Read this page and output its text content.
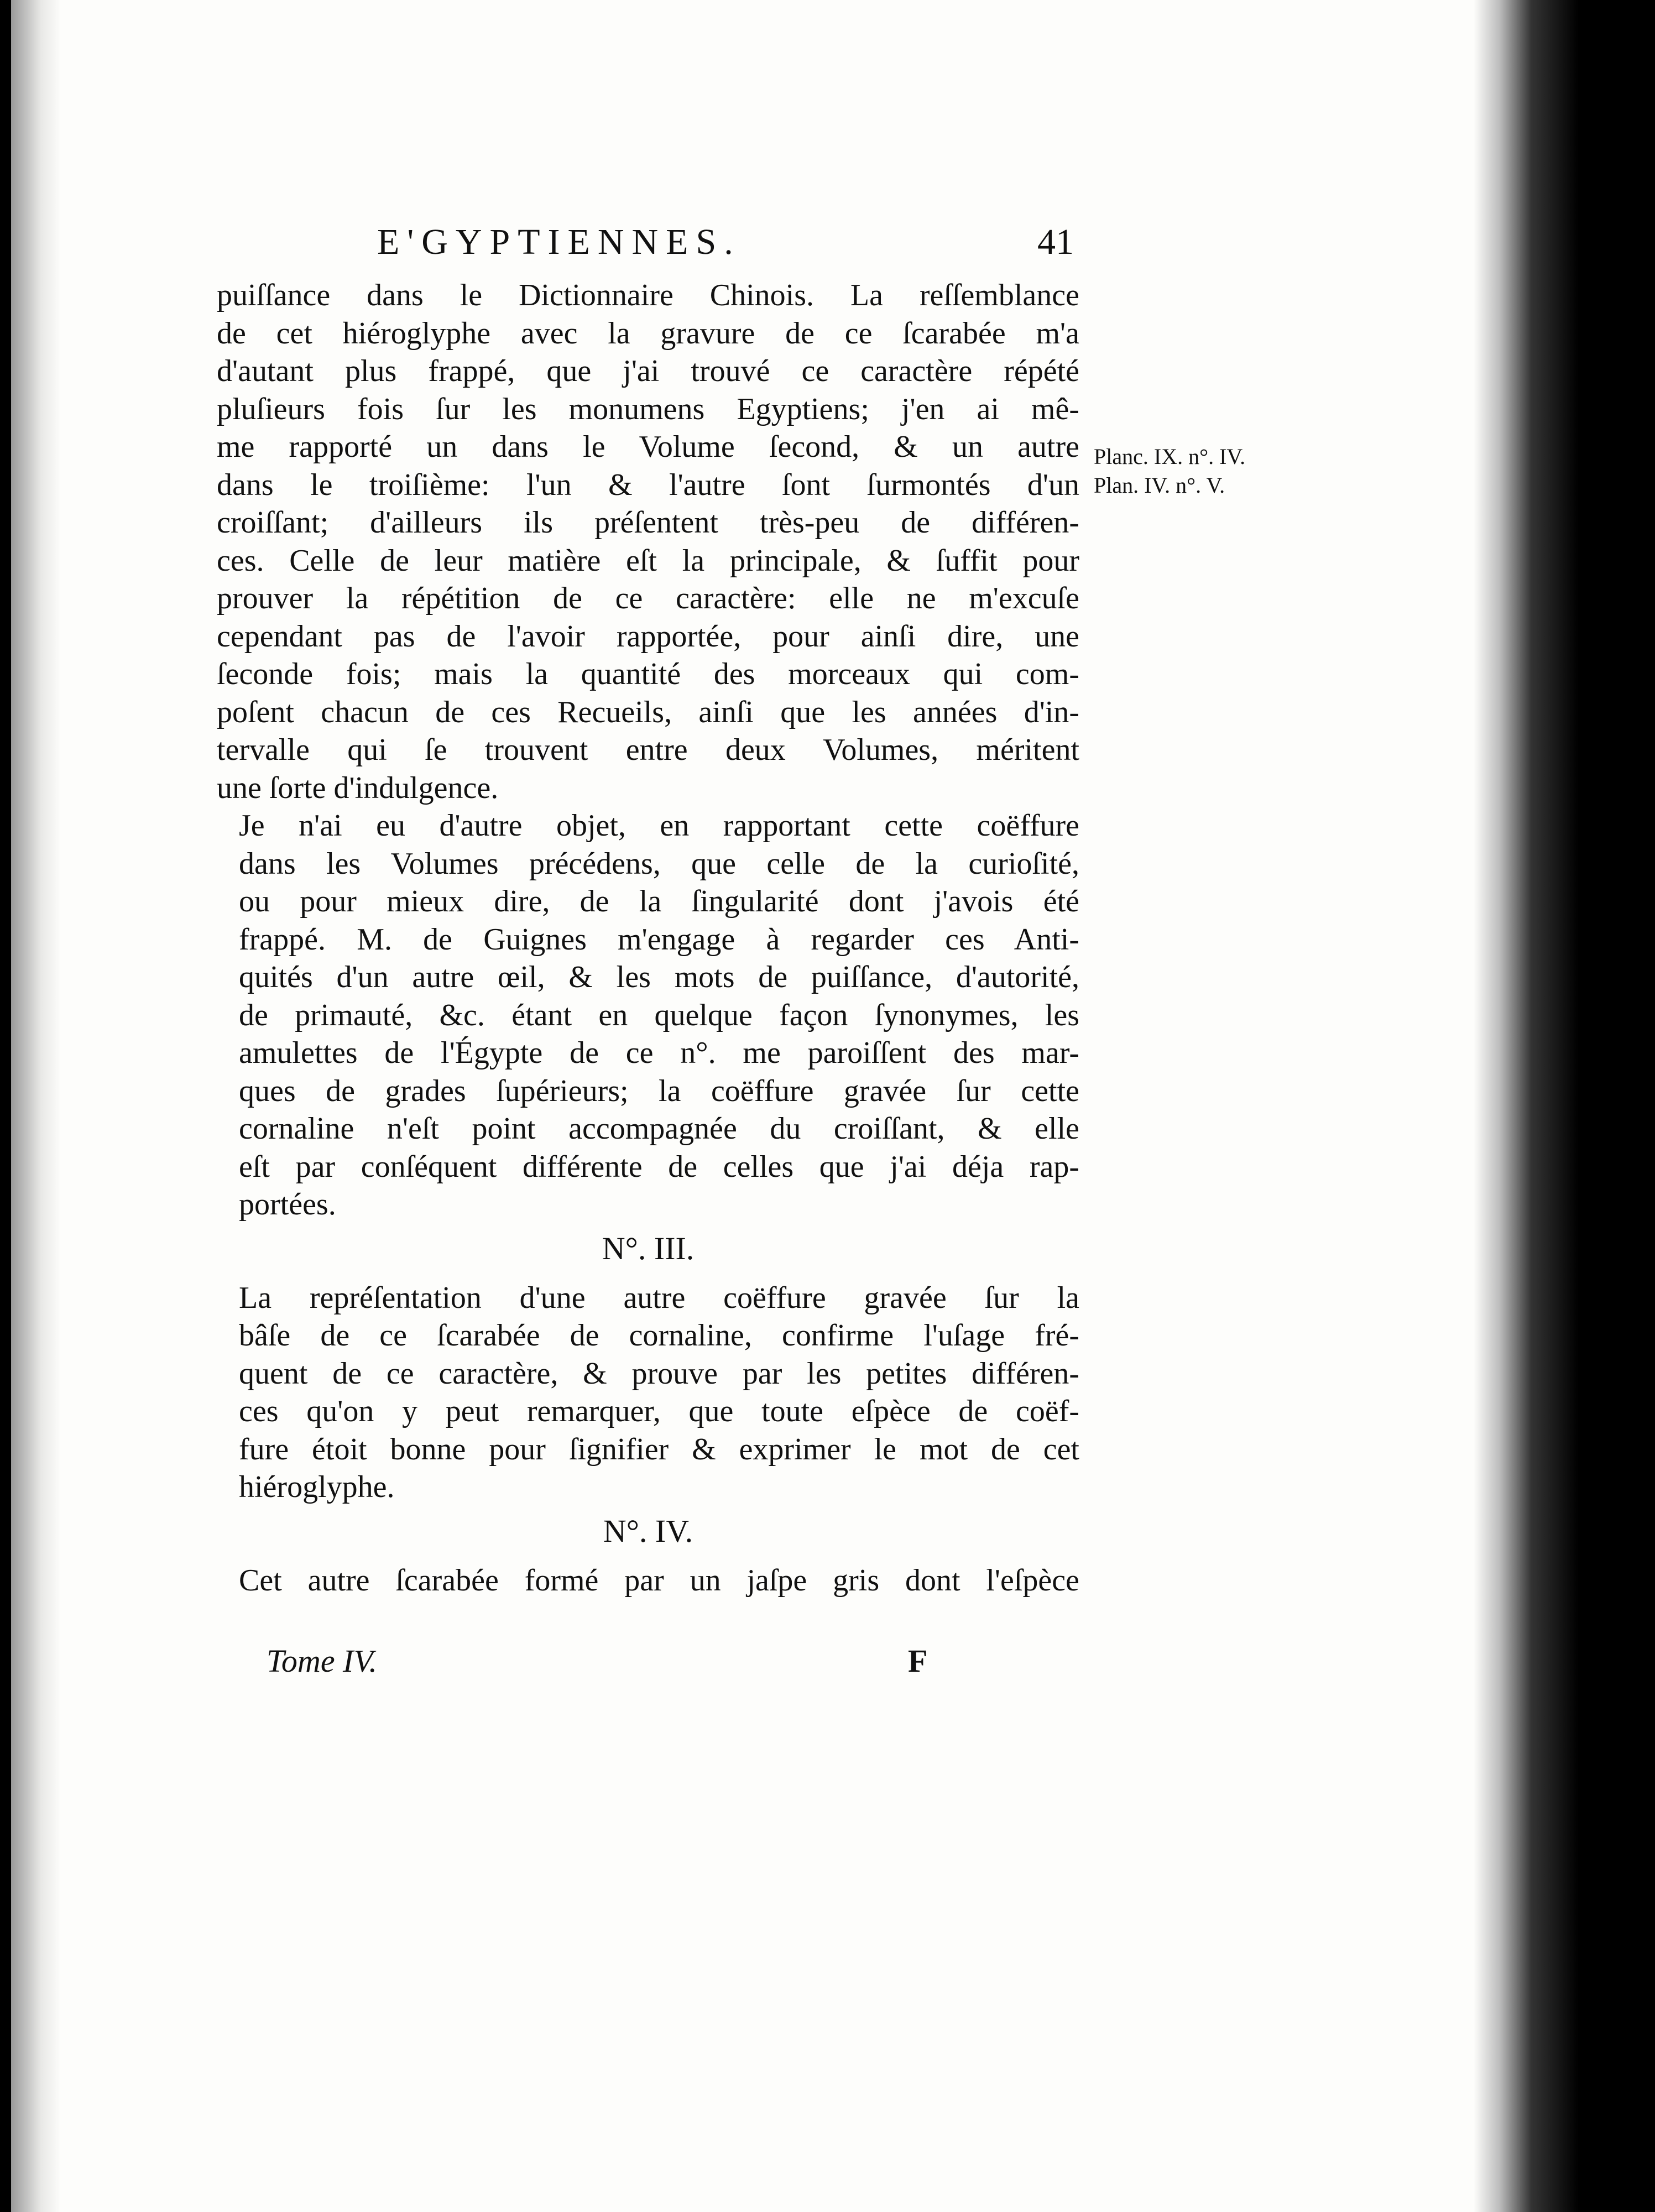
E'GYPTIENNES.	41

puiſſance dans le Dictionnaire Chinois. La reſſemblance
de cet hiéroglyphe avec la gravure de ce ſcarabée m'a
d'autant plus frappé, que j'ai trouvé ce caractère répété
pluſieurs fois ſur les monumens Egyptiens; j'en ai mê-
me rapporté un dans le Volume ſecond, & un autre
dans le troiſième: l'un & l'autre ſont ſurmontés d'un
croiſſant; d'ailleurs ils préſentent très-peu de différen-
ces. Celle de leur matière eſt la principale, & ſuffit pour
prouver la répétition de ce caractère: elle ne m'excuſe
cependant pas de l'avoir rapportée, pour ainſi dire, une
ſeconde fois; mais la quantité des morceaux qui com-
poſent chacun de ces Recueils, ainſi que les années d'in-
tervalle qui ſe trouvent entre deux Volumes, méritent
une ſorte d'indulgence.

Je n'ai eu d'autre objet, en rapportant cette coëffure
dans les Volumes précédens, que celle de la curioſité,
ou pour mieux dire, de la ſingularité dont j'avois été
frappé. M. de Guignes m'engage à regarder ces Anti-
quités d'un autre œil, & les mots de puiſſance, d'autorité,
de primauté, &c. étant en quelque façon ſynonymes, les
amulettes de l'Égypte de ce n°. me paroiſſent des mar-
ques de grades ſupérieurs; la coëffure gravée ſur cette
cornaline n'eſt point accompagnée du croiſſant, & elle
eſt par conſéquent différente de celles que j'ai déja rap-
portées.

N°. III.

La repréſentation d'une autre coëffure gravée ſur la
bâſe de ce ſcarabée de cornaline, confirme l'uſage fré-
quent de ce caractère, & prouve par les petites différen-
ces qu'on y peut remarquer, que toute eſpèce de coëf-
fure étoit bonne pour ſignifier & exprimer le mot de cet
hiéroglyphe.

N°. IV.

Cet autre ſcarabée formé par un jaſpe gris dont l'eſpèce

Planc. IX. n°. IV.
Plan. IV. n°. V.
Tome IV.	F
